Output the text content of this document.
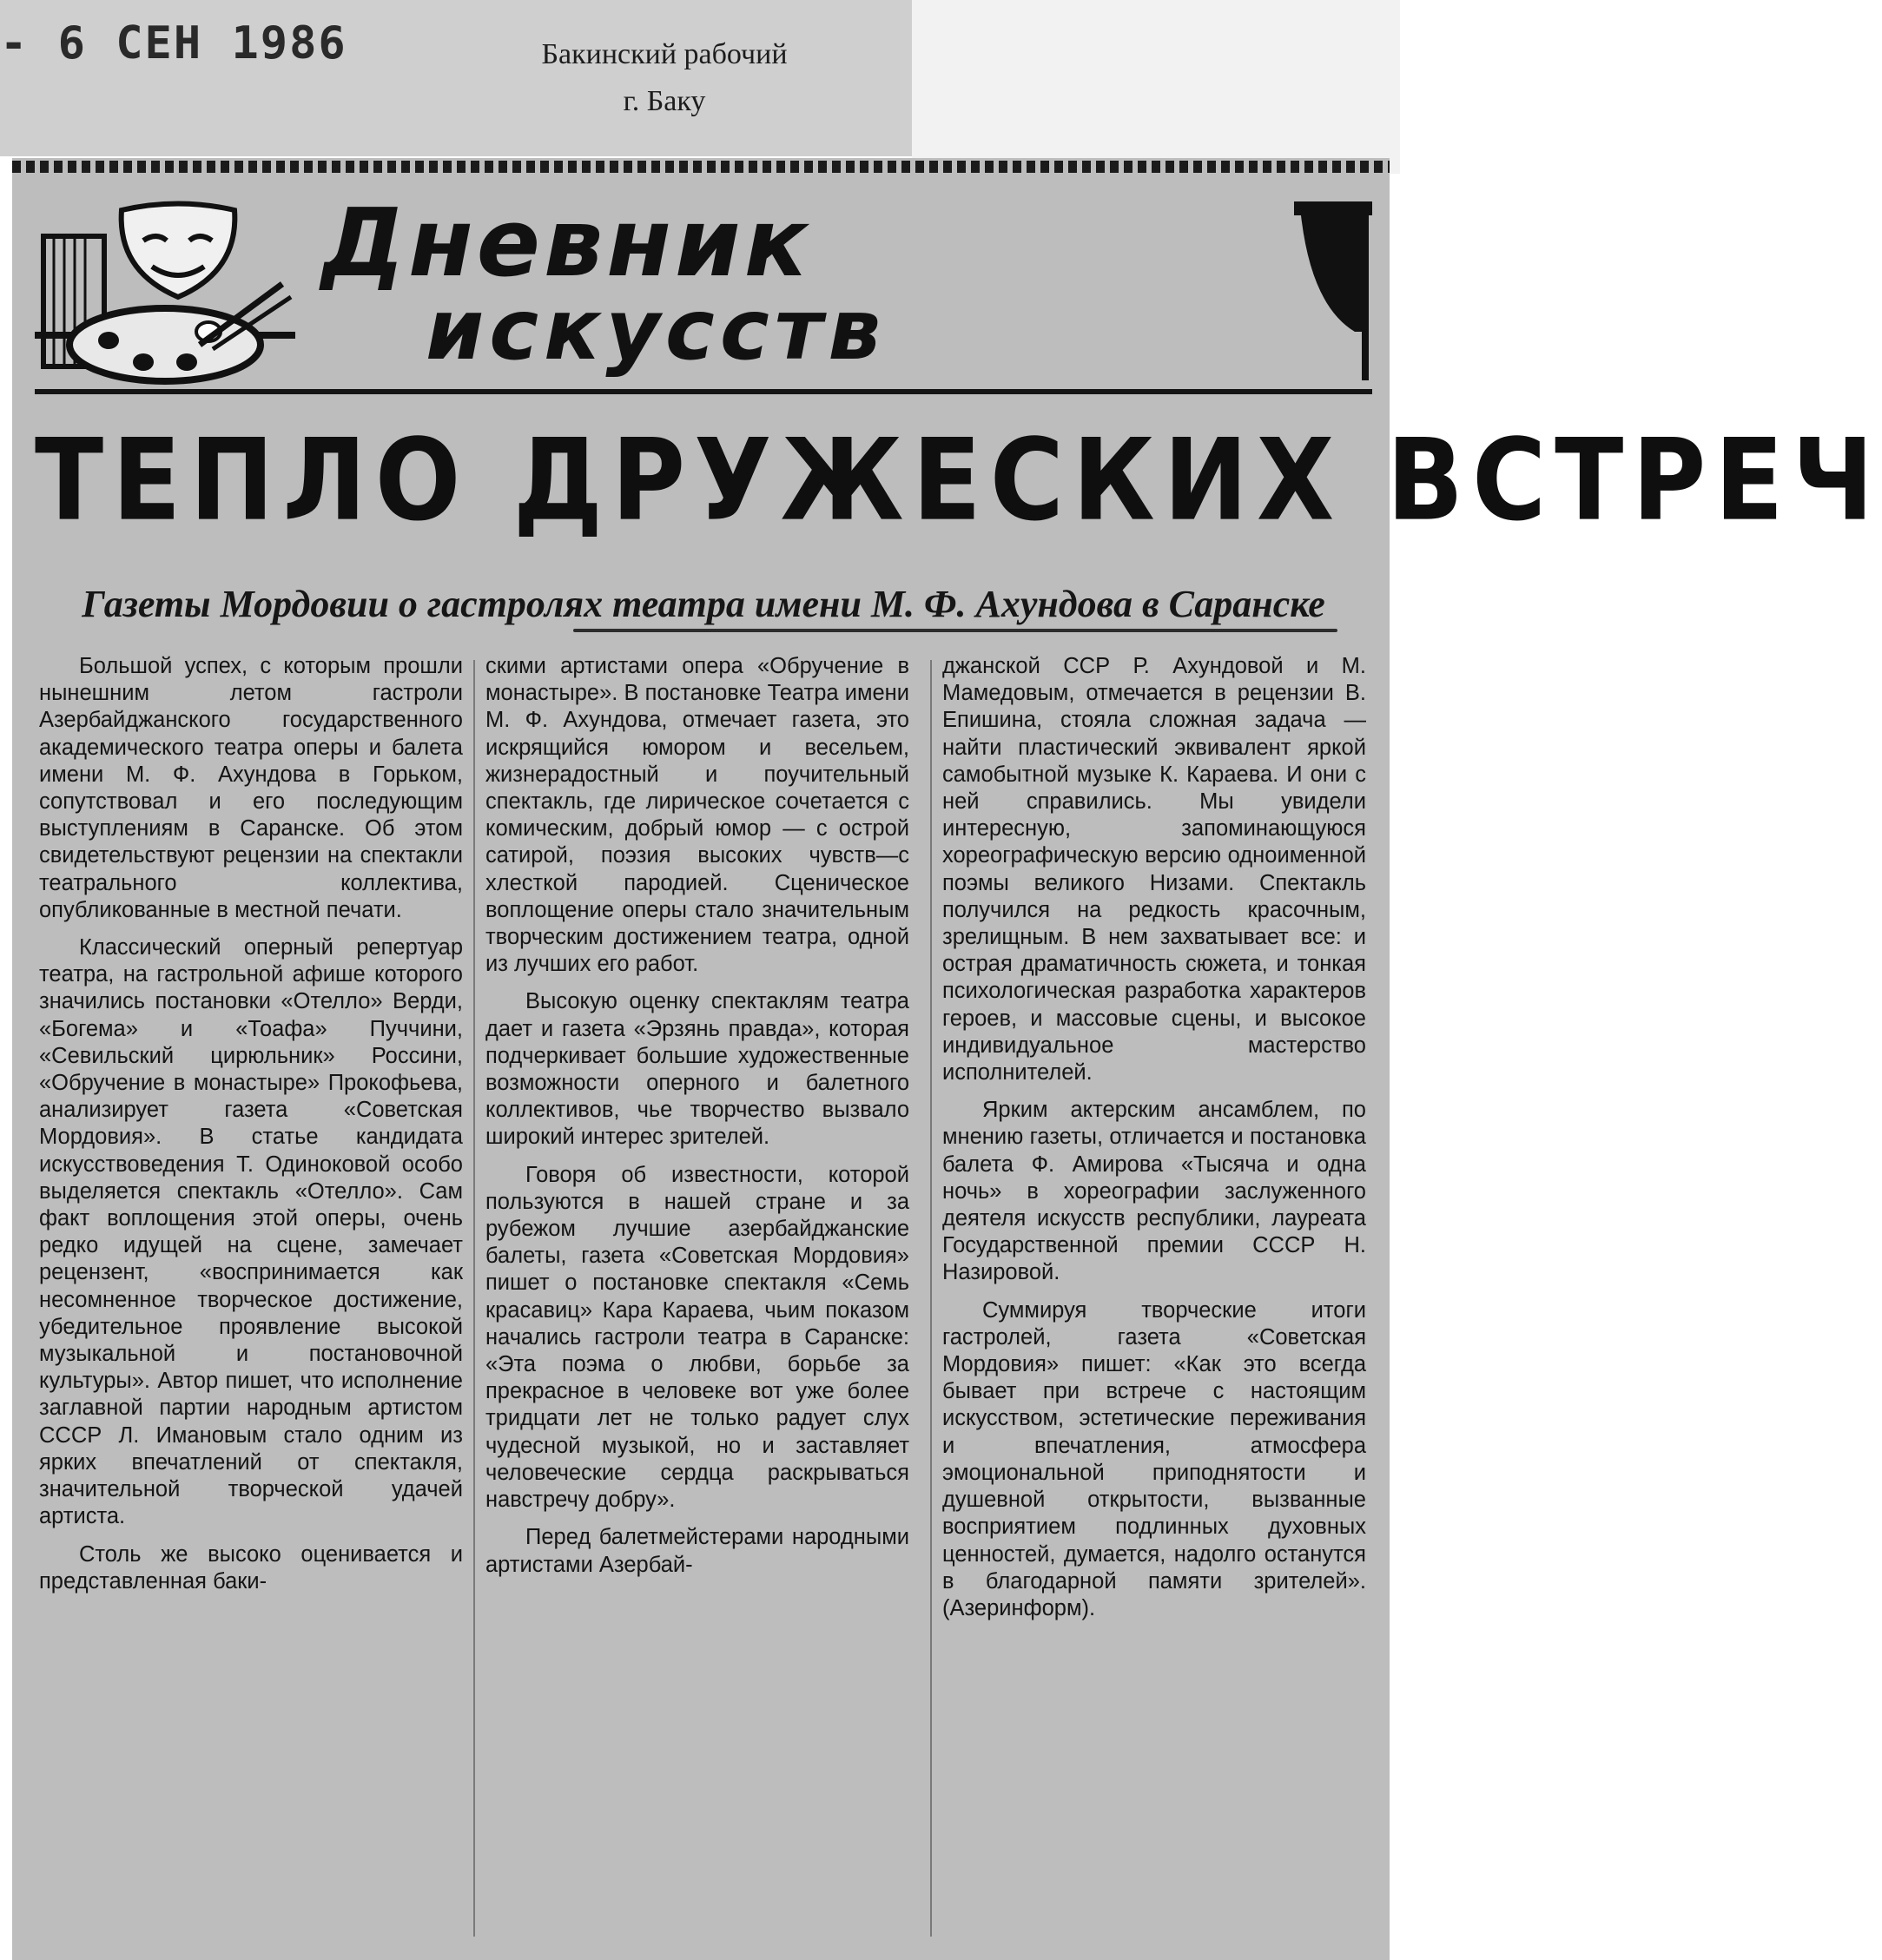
- 6 СЕН 1986	Бакинский рабочий
г. Баку
Дневник
искусств
ТЕПЛО ДРУЖЕСКИХ ВСТРЕЧ
Газеты Мордовии о гастролях театра имени М. Ф. Ахундова в Саранске

Большой успех, с которым прошли нынешним летом гастроли Азербайджанского государственного академического театра оперы и балета имени М. Ф. Ахундова в Горьком, сопутствовал и его последующим выступлениям в Саранске. Об этом свидетельствуют рецензии на спектакли театрального коллектива, опубликованные в местной печати.

Классический оперный репертуар театра, на гастрольной афише которого значились постановки «Отелло» Верди, «Богема» и «Тоафа» Пуччини, «Севильский цирюльник» Россини, «Обручение в монастыре» Прокофьева, анализирует газета «Советская Мордовия». В статье кандидата искусствоведения Т. Одиноковой особо выделяется спектакль «Отелло». Сам факт воплощения этой оперы, очень редко идущей на сцене, замечает рецензент, «воспринимается как несомненное творческое достижение, убедительное проявление высокой музыкальной и постановочной культуры». Автор пишет, что исполнение заглавной партии народным артистом СССР Л. Имановым стало одним из ярких впечатлений от спектакля, значительной творческой удачей артиста.

Столь же высоко оценивается и представленная баки-

скими артистами опера «Обручение в монастыре». В постановке Театра имени М. Ф. Ахундова, отмечает газета, это искрящийся юмором и весельем, жизнерадостный и поучительный спектакль, где лирическое сочетается с комическим, добрый юмор — с острой сатирой, поэзия высоких чувств—с хлесткой пародией. Сценическое воплощение оперы стало значительным творческим достижением театра, одной из лучших его работ.

Высокую оценку спектаклям театра дает и газета «Эрзянь правда», которая подчеркивает большие художественные возможности оперного и балетного коллективов, чье творчество вызвало широкий интерес зрителей.

Говоря об известности, которой пользуются в нашей стране и за рубежом лучшие азербайджанские балеты, газета «Советская Мордовия» пишет о постановке спектакля «Семь красавиц» Кара Караева, чьим показом начались гастроли театра в Саранске: «Эта поэма о любви, борьбе за прекрасное в человеке вот уже более тридцати лет не только радует слух чудесной музыкой, но и заставляет человеческие сердца раскрываться навстречу добру».

Перед балетмейстерами народными артистами Азербай-

джанской ССР Р. Ахундовой и М. Мамедовым, отмечается в рецензии В. Епишина, стояла сложная задача — найти пластический эквивалент яркой самобытной музыке К. Караева. И они с ней справились. Мы увидели интересную, запоминающуюся хореографическую версию одноименной поэмы великого Низами. Спектакль получился на редкость красочным, зрелищным. В нем захватывает все: и острая драматичность сюжета, и тонкая психологическая разработка характеров героев, и массовые сцены, и высокое индивидуальное мастерство исполнителей.

Ярким актерским ансамблем, по мнению газеты, отличается и постановка балета Ф. Амирова «Тысяча и одна ночь» в хореографии заслуженного деятеля искусств республики, лауреата Государственной премии СССР Н. Назировой.

Суммируя творческие итоги гастролей, газета «Советская Мордовия» пишет: «Как это всегда бывает при встрече с настоящим искусством, эстетические переживания и впечатления, атмосфера эмоциональной приподнятости и душевной открытости, вызванные восприятием подлинных духовных ценностей, думается, надолго останутся в благодарной памяти зрителей». (Азеринформ).
